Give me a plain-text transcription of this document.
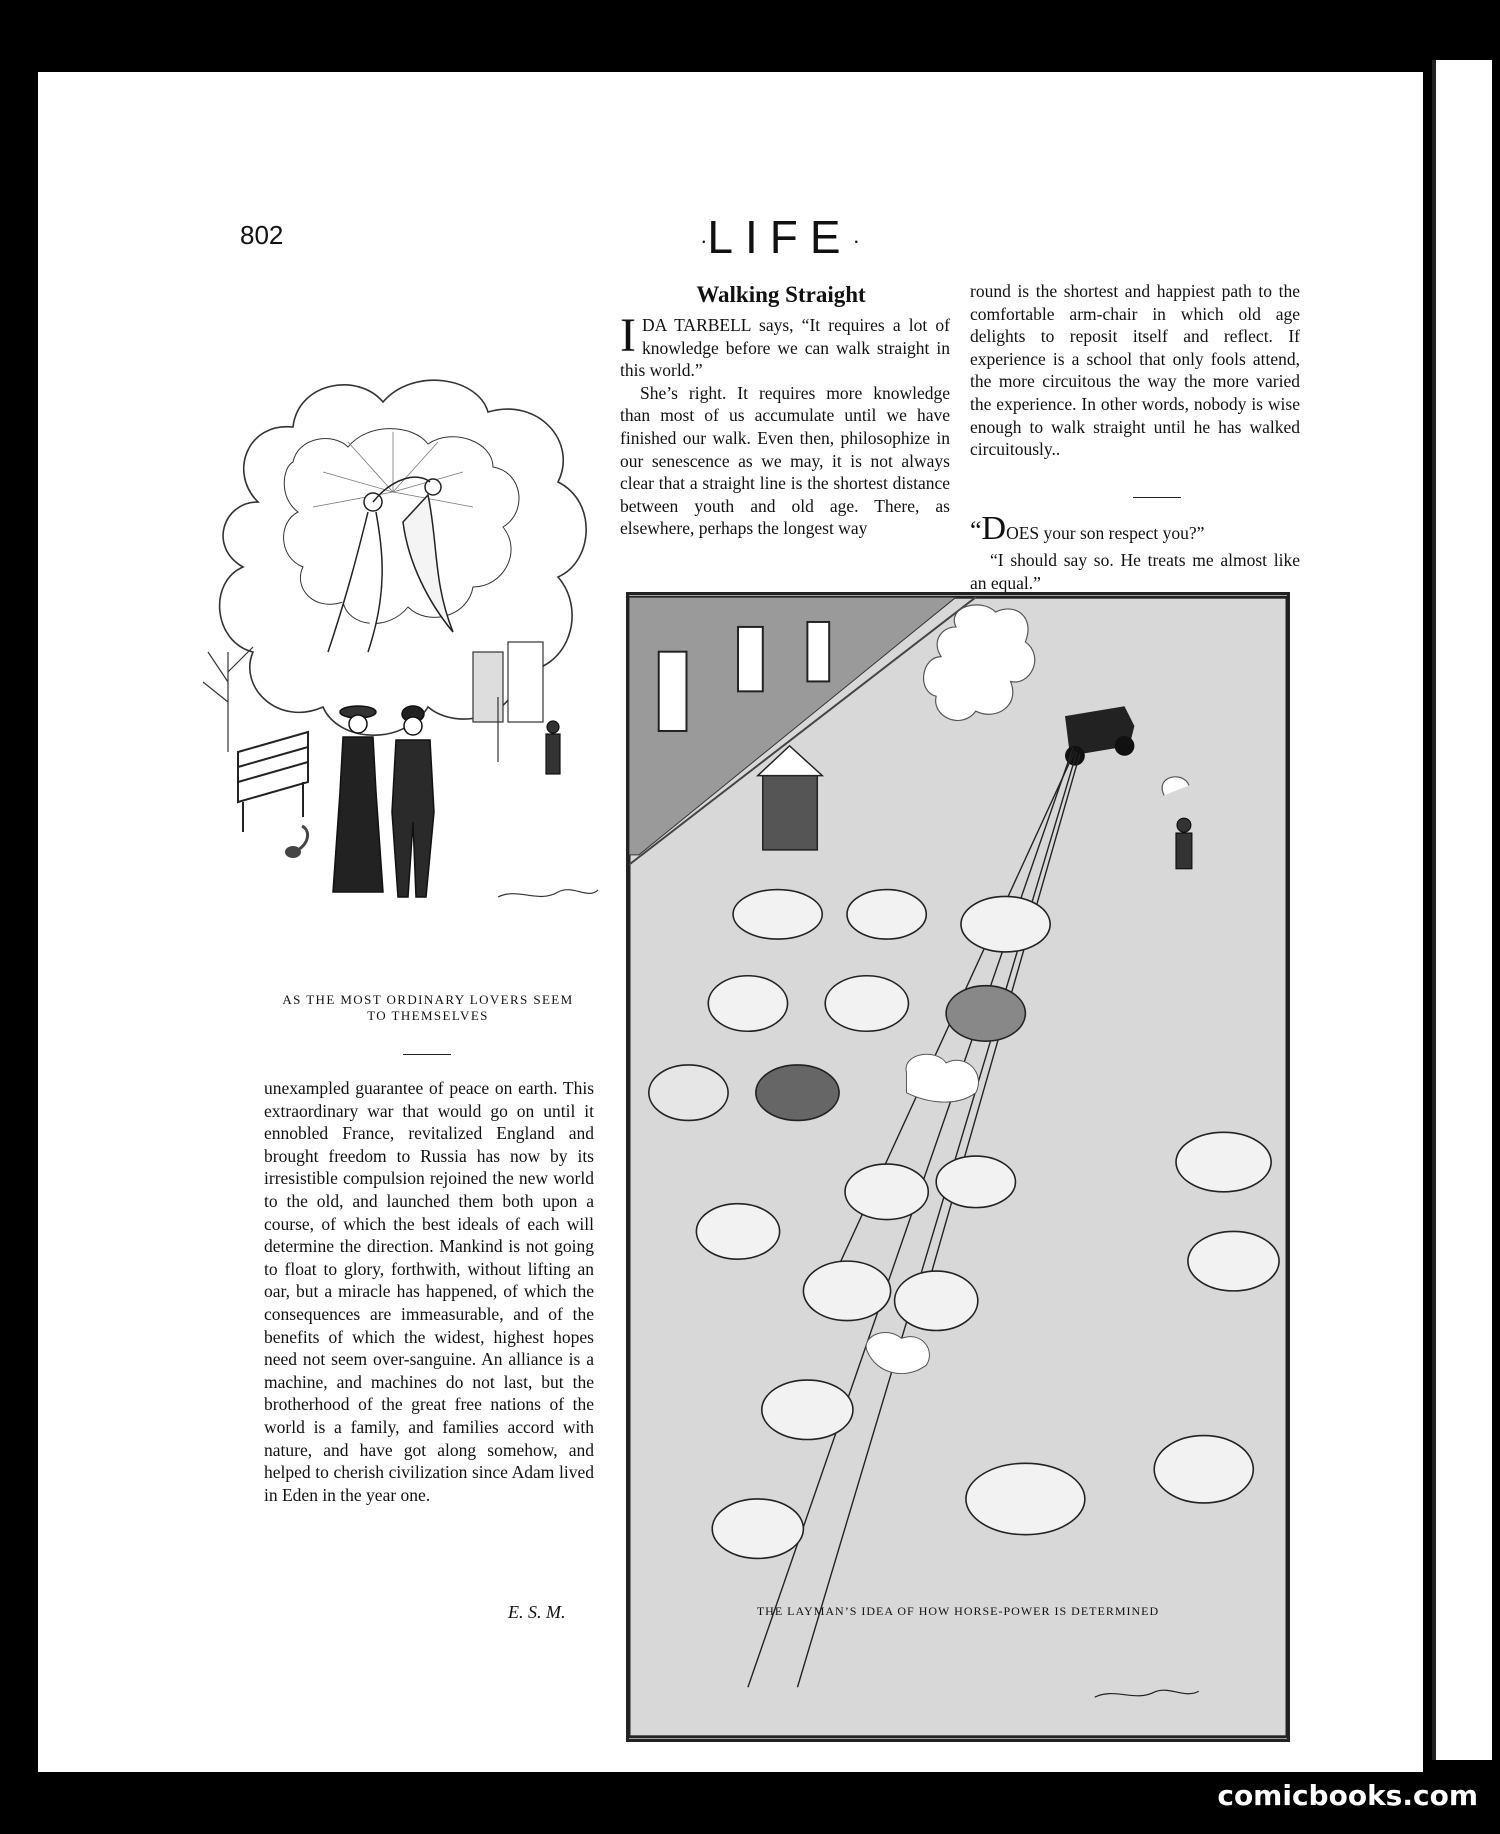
802	·LIFE·
AS THE MOST ORDINARY LOVERS SEEM
TO THEMSELVES

unexampled guarantee of peace on earth. This extraordinary war that would go on until it ennobled France, revitalized England and brought freedom to Russia has now by its irresistible compulsion rejoined the new world to the old, and launched them both upon a course, of which the best ideals of each will determine the direction. Mankind is not going to float to glory, forthwith, without lifting an oar, but a miracle has happened, of which the consequences are immeasurable, and of the benefits of which the widest, highest hopes need not seem over-sanguine. An alliance is a machine, and machines do not last, but the brotherhood of the great free nations of the world is a family, and families accord with nature, and have got along somehow, and helped to cherish civilization since Adam lived in Eden in the year one.

E. S. M.
Walking Straight

IDA TARBELL says, “It requires a lot of knowledge before we can walk straight in this world.”

She’s right. It requires more knowledge than most of us accumulate until we have finished our walk. Even then, philosophize in our senescence as we may, it is not always clear that a straight line is the shortest distance between youth and old age. There, as elsewhere, perhaps the longest way

round is the shortest and happiest path to the comfortable arm-chair in which old age delights to reposit itself and reflect. If experience is a school that only fools attend, the more circuitous the way the more varied the experience. In other words, nobody is wise enough to walk straight until he has walked circuitously..

“DOES your son respect you?”

“I should say so. He treats me almost like an equal.”

THE LAYMAN’S IDEA OF HOW HORSE-POWER IS DETERMINED
comicbooks.com
